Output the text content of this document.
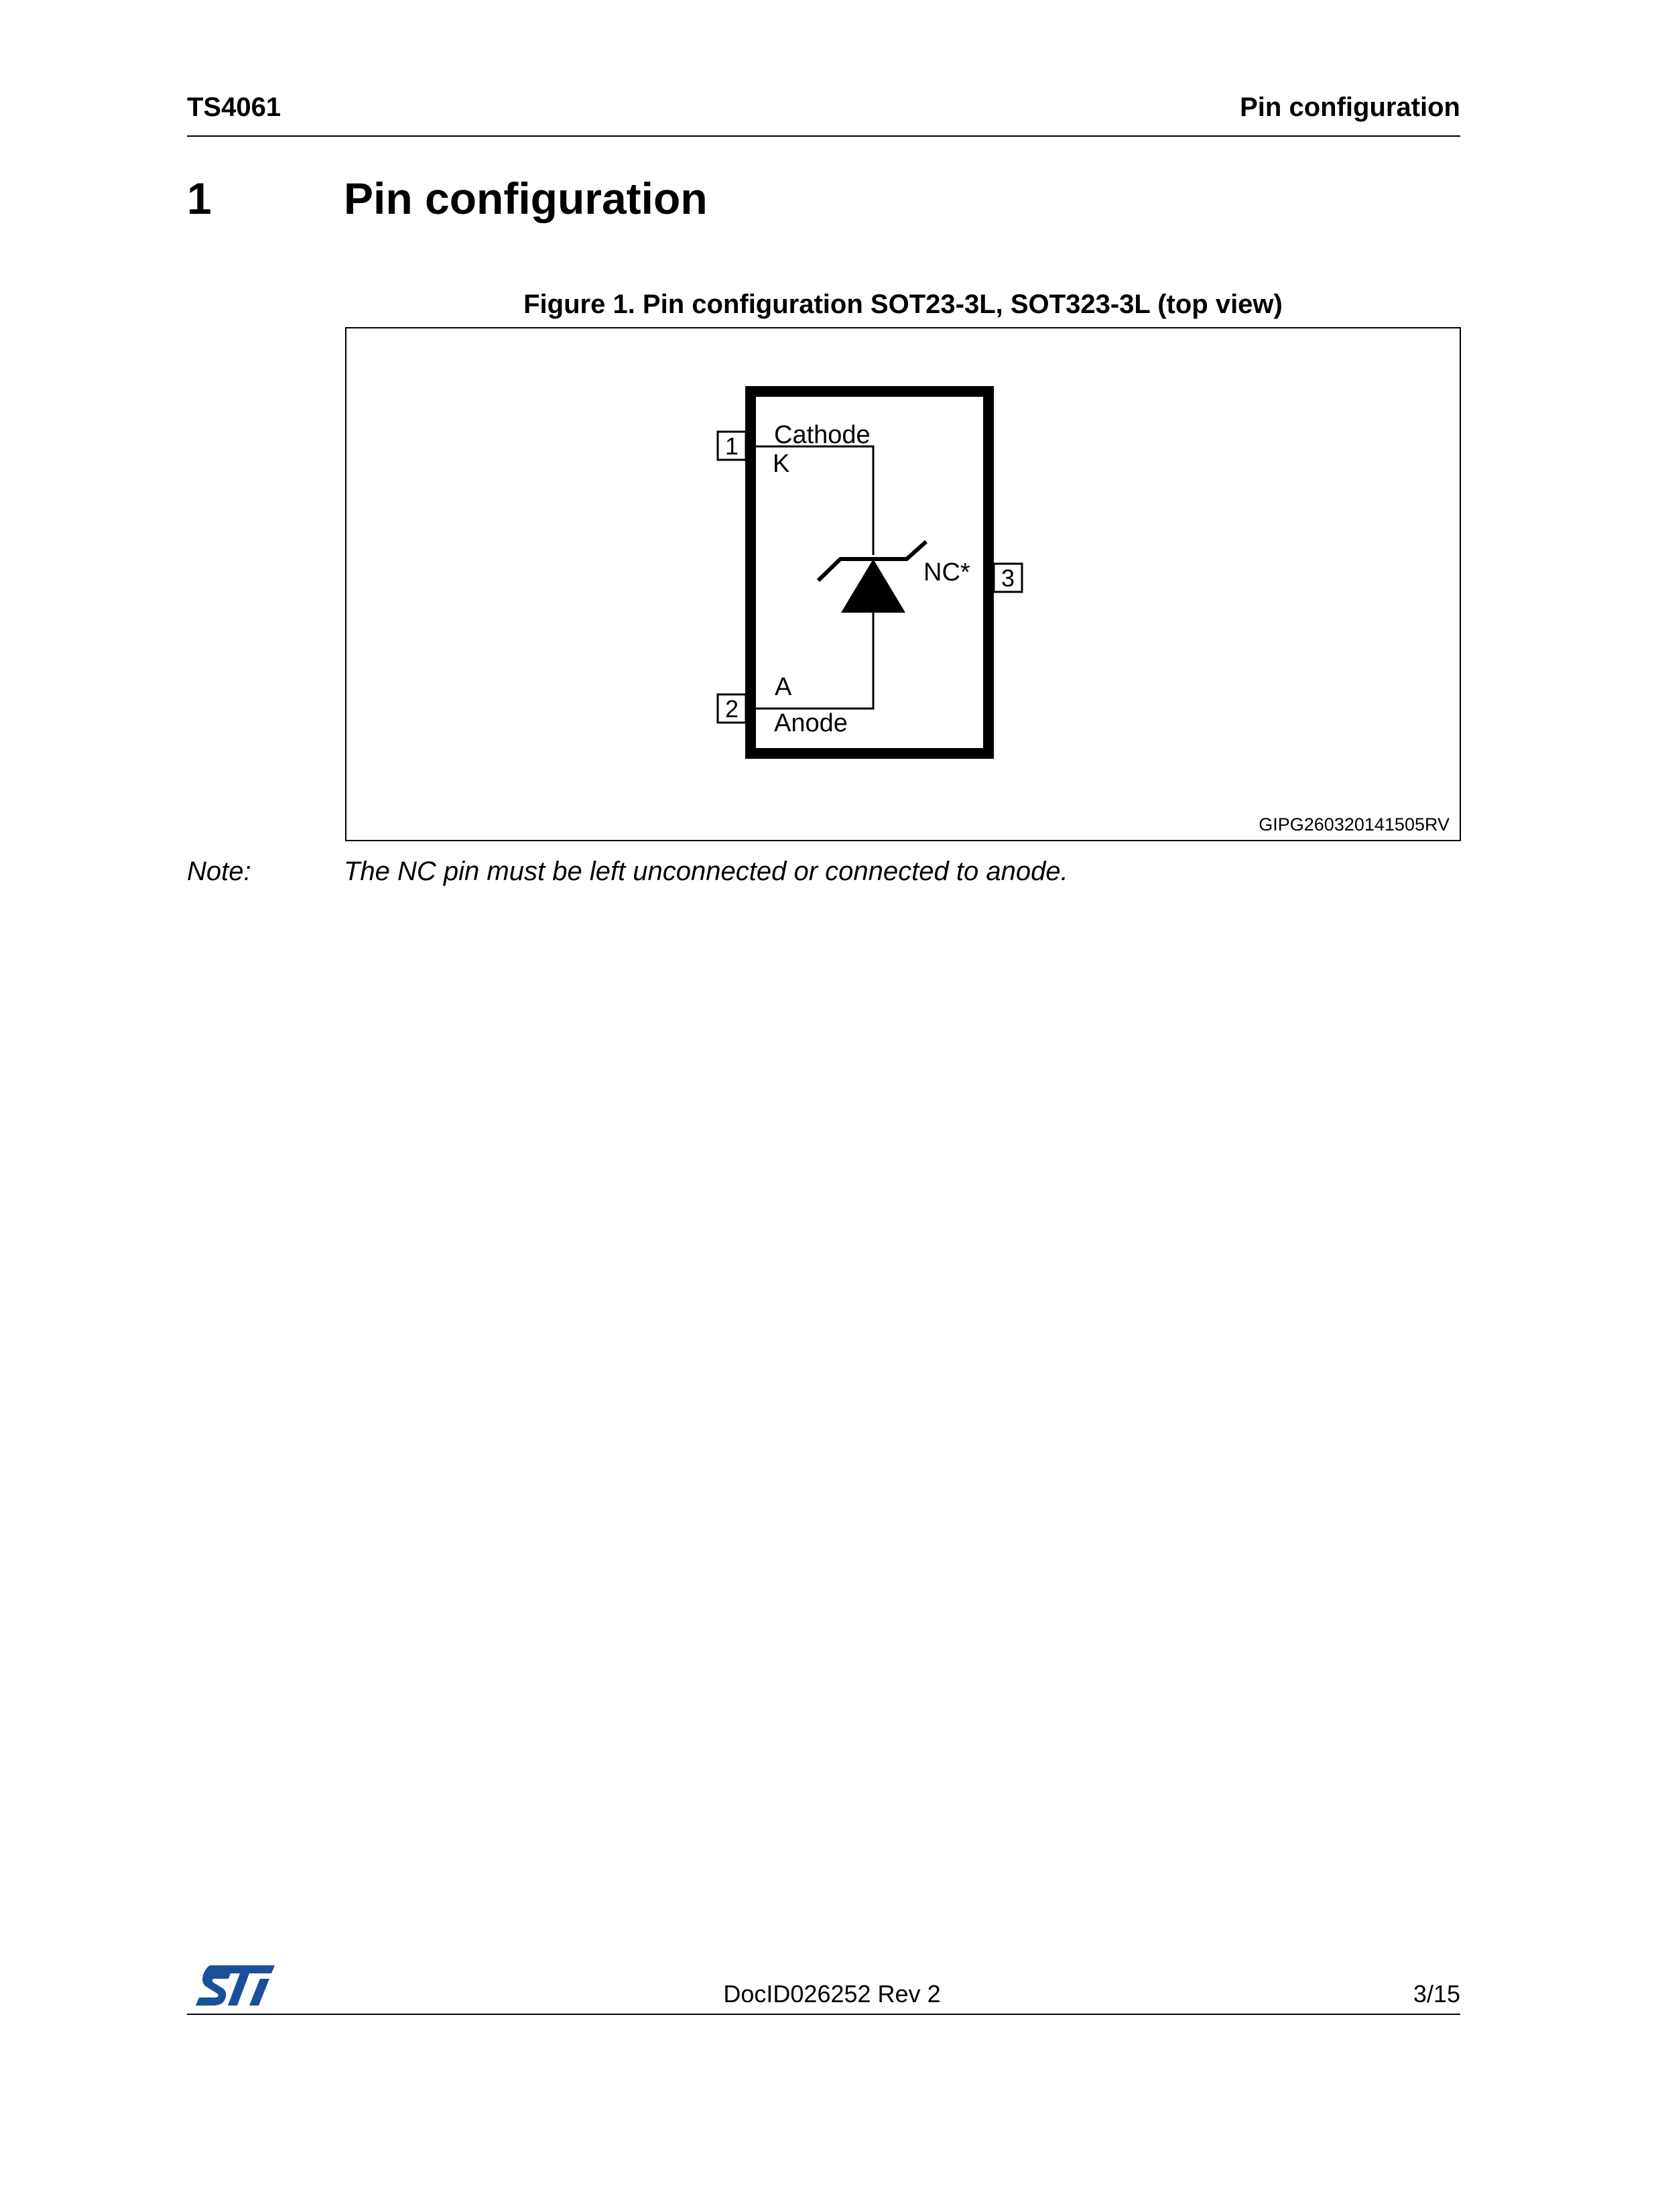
TS4061	Pin configuration
1	Pin configuration
Figure 1. Pin configuration SOT23-3L, SOT323-3L (top view)
1 Cathode
K
2
A
Anode
3
NC*
GIPG260320141505RV
Note:	The NC pin must be left unconnected or connected to anode.
DocID026252 Rev 2	3/15
